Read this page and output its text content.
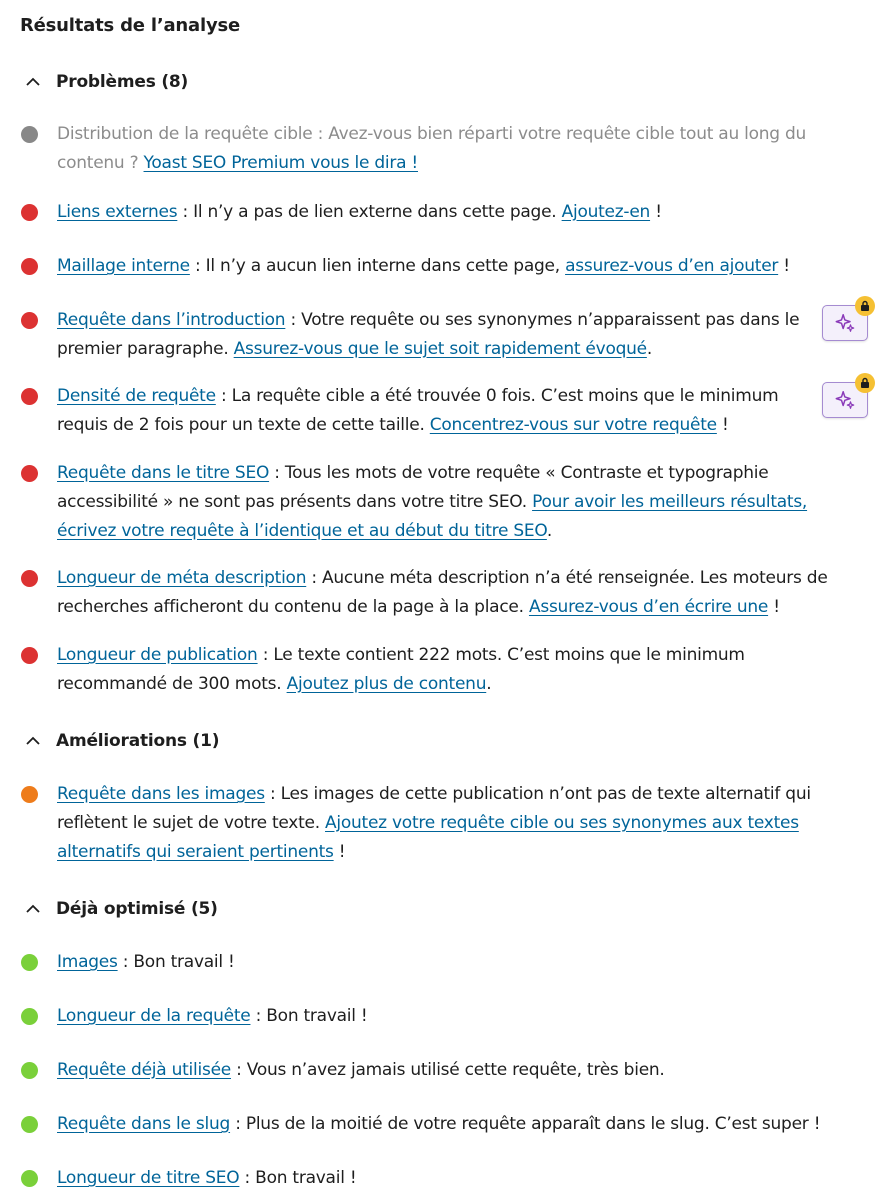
Résultats de l’analyse
Problèmes (8)
Distribution de la requête cible : Avez-vous bien réparti votre requête cible tout au long du contenu ? Yoast SEO Premium vous le dira !
Liens externes : Il n’y a pas de lien externe dans cette page. Ajoutez-en !
Maillage interne : Il n’y a aucun lien interne dans cette page, assurez-vous d’en ajouter !
Requête dans l’introduction : Votre requête ou ses synonymes n’apparaissent pas dans le premier paragraphe. Assurez-vous que le sujet soit rapidement évoqué.
Densité de requête : La requête cible a été trouvée 0 fois. C’est moins que le minimum requis de 2 fois pour un texte de cette taille. Concentrez-vous sur votre requête !
Requête dans le titre SEO : Tous les mots de votre requête « Contraste et typographie accessibilité » ne sont pas présents dans votre titre SEO. Pour avoir les meilleurs résultats, écrivez votre requête à l’identique et au début du titre SEO.
Longueur de méta description : Aucune méta description n’a été renseignée. Les moteurs de recherches afficheront du contenu de la page à la place. Assurez-vous d’en écrire une !
Longueur de publication : Le texte contient 222 mots. C’est moins que le minimum recommandé de 300 mots. Ajoutez plus de contenu.
Améliorations (1)
Requête dans les images : Les images de cette publication n’ont pas de texte alternatif qui reflètent le sujet de votre texte. Ajoutez votre requête cible ou ses synonymes aux textes alternatifs qui seraient pertinents !
Déjà optimisé (5)
Images : Bon travail !
Longueur de la requête : Bon travail !
Requête déjà utilisée : Vous n’avez jamais utilisé cette requête, très bien.
Requête dans le slug : Plus de la moitié de votre requête apparaît dans le slug. C’est super !
Longueur de titre SEO : Bon travail !
